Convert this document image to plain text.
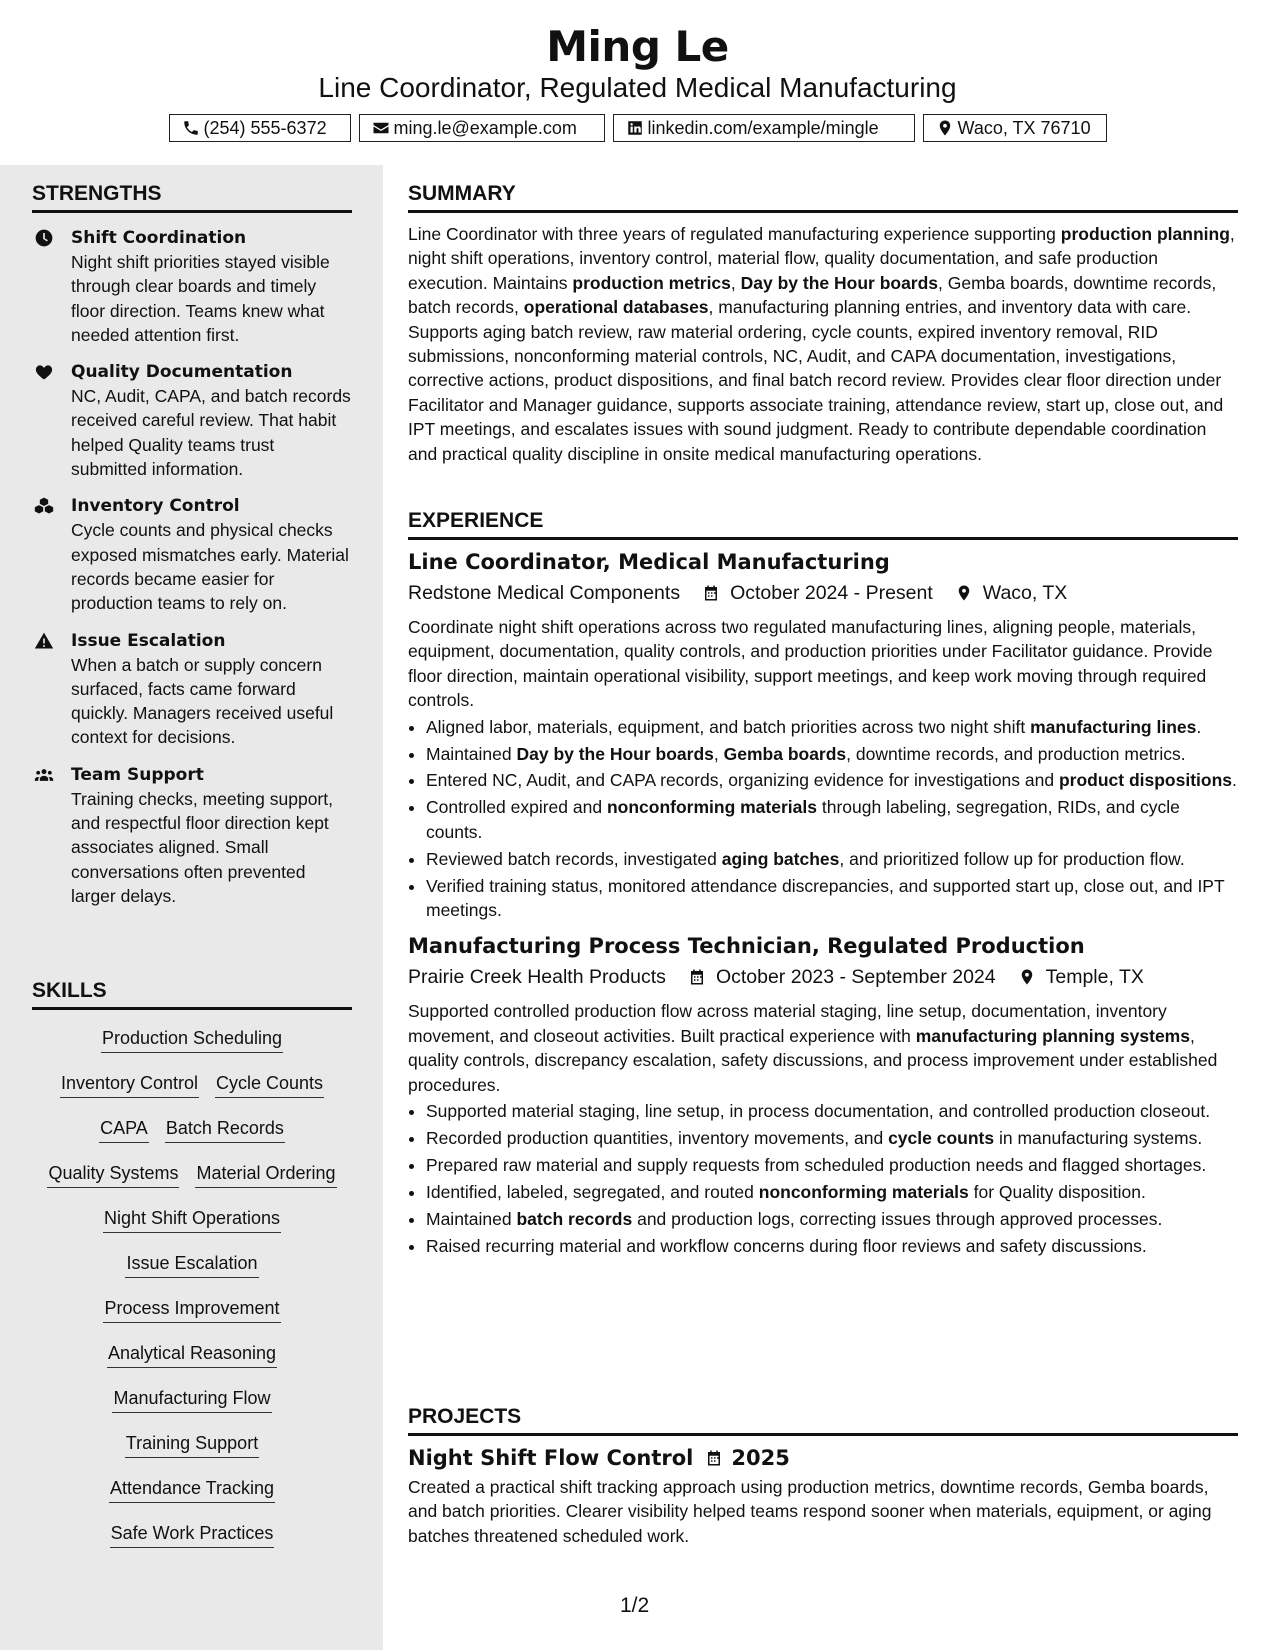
Ming Le
Line Coordinator, Regulated Medical Manufacturing
(254) 555-6372	ming.le@example.com	linkedin.com/example/mingle	Waco, TX 76710
STRENGTHS
Shift Coordination
Night shift priorities stayed visible through clear boards and timely floor direction. Teams knew what needed attention first.
Quality Documentation
NC, Audit, CAPA, and batch records received careful review. That habit helped Quality teams trust submitted information.
Inventory Control
Cycle counts and physical checks exposed mismatches early. Material records became easier for production teams to rely on.
Issue Escalation
When a batch or supply concern surfaced, facts came forward quickly. Managers received useful context for decisions.
Team Support
Training checks, meeting support, and respectful floor direction kept associates aligned. Small conversations often prevented larger delays.
SKILLS
Production Scheduling
Inventory Control Cycle Counts
CAPA Batch Records
Quality Systems Material Ordering
Night Shift Operations
Issue Escalation
Process Improvement
Analytical Reasoning
Manufacturing Flow
Training Support
Attendance Tracking
Safe Work Practices
SUMMARY
Line Coordinator with three years of regulated manufacturing experience supporting production planning, night shift operations, inventory control, material flow, quality documentation, and safe production execution. Maintains production metrics, Day by the Hour boards, Gemba boards, downtime records, batch records, operational databases, manufacturing planning entries, and inventory data with care. Supports aging batch review, raw material ordering, cycle counts, expired inventory removal, RID submissions, nonconforming material controls, NC, Audit, and CAPA documentation, investigations, corrective actions, product dispositions, and final batch record review. Provides clear floor direction under Facilitator and Manager guidance, supports associate training, attendance review, start up, close out, and IPT meetings, and escalates issues with sound judgment. Ready to contribute dependable coordination and practical quality discipline in onsite medical manufacturing operations.
EXPERIENCE
Line Coordinator, Medical Manufacturing
Redstone Medical Components	October 2024 - Present	Waco, TX
Coordinate night shift operations across two regulated manufacturing lines, aligning people, materials, equipment, documentation, quality controls, and production priorities under Facilitator guidance. Provide floor direction, maintain operational visibility, support meetings, and keep work moving through required controls.
• Aligned labor, materials, equipment, and batch priorities across two night shift manufacturing lines.
• Maintained Day by the Hour boards, Gemba boards, downtime records, and production metrics.
• Entered NC, Audit, and CAPA records, organizing evidence for investigations and product dispositions.
• Controlled expired and nonconforming materials through labeling, segregation, RIDs, and cycle counts.
• Reviewed batch records, investigated aging batches, and prioritized follow up for production flow.
• Verified training status, monitored attendance discrepancies, and supported start up, close out, and IPT meetings.
Manufacturing Process Technician, Regulated Production
Prairie Creek Health Products	October 2023 - September 2024	Temple, TX
Supported controlled production flow across material staging, line setup, documentation, inventory movement, and closeout activities. Built practical experience with manufacturing planning systems, quality controls, discrepancy escalation, safety discussions, and process improvement under established procedures.
• Supported material staging, line setup, in process documentation, and controlled production closeout.
• Recorded production quantities, inventory movements, and cycle counts in manufacturing systems.
• Prepared raw material and supply requests from scheduled production needs and flagged shortages.
• Identified, labeled, segregated, and routed nonconforming materials for Quality disposition.
• Maintained batch records and production logs, correcting issues through approved processes.
• Raised recurring material and workflow concerns during floor reviews and safety discussions.
PROJECTS
Night Shift Flow Control 2025
Created a practical shift tracking approach using production metrics, downtime records, Gemba boards, and batch priorities. Clearer visibility helped teams respond sooner when materials, equipment, or aging batches threatened scheduled work.
1/2
